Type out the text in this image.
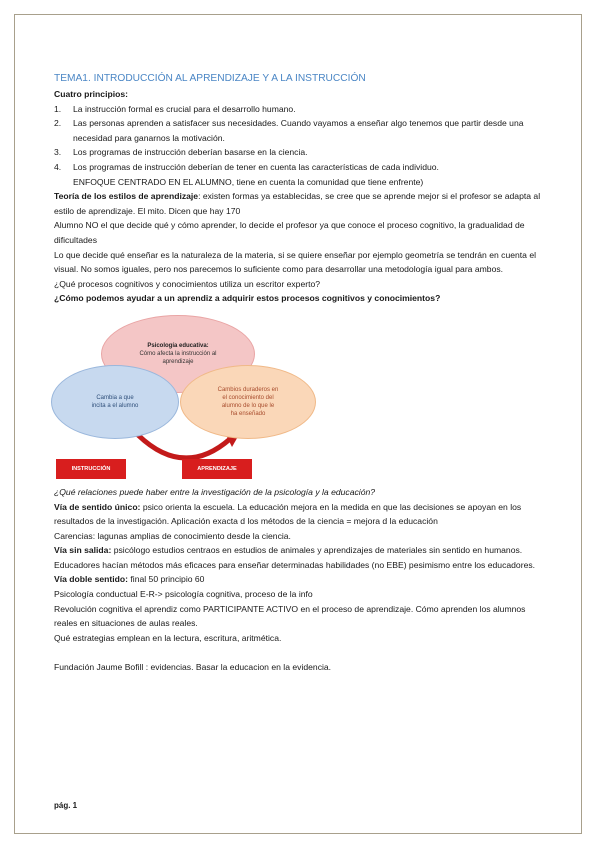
TEMA1. INTRODUCCIÓN AL APRENDIZAJE Y A LA INSTRUCCIÓN
Cuatro principios:
1. La instrucción formal es crucial para el desarrollo humano.
2. Las personas aprenden a satisfacer sus necesidades. Cuando vayamos a enseñar algo tenemos que partir desde una necesidad para ganarnos la motivación.
3. Los programas de instrucción deberían basarse en la ciencia.
4. Los programas de instrucción deberían de tener en cuenta las características de cada individuo.
ENFOQUE CENTRADO EN EL ALUMNO, tiene en cuenta la comunidad que tiene enfrente)

Teoría de los estilos de aprendizaje: existen formas ya establecidas, se cree que se aprende mejor si el profesor se adapta al estilo de aprendizaje. El mito. Dicen que hay 170

Alumno NO el que decide qué y cómo aprender, lo decide el profesor ya que conoce el proceso cognitivo, la gradualidad de dificultades

Lo que decide qué enseñar es la naturaleza de la materia, si se quiere enseñar por ejemplo geometría se tendrán en cuenta el visual. No somos iguales, pero nos parecemos lo suficiente como para desarrollar una metodología igual para ambos.

¿Qué procesos cognitivos y conocimientos utiliza un escritor experto?

¿Cómo podemos ayudar a un aprendiz a adquirir estos procesos cognitivos y conocimientos?

Psicología educativa:
Cómo afecta la instrucción al
aprendizaje
Cambia a que
incita a el alumno
Cambios duraderos en
el conocimiento del
alumno de lo que le
ha enseñado
INSTRUCCIÓN	APRENDIZAJE

¿Qué relaciones puede haber entre la investigación de la psicología y la educación?

Vía de sentido único: psico orienta la escuela. La educación mejora en la medida en que las decisiones se apoyan en los resultados de la investigación. Aplicación exacta d los métodos de la ciencia = mejora d la educación

Carencias: lagunas amplias de conocimiento desde la ciencia.

Vía sin salida: psicólogo estudios centraos en estudios de animales y aprendizajes de materiales sin sentido en humanos. Educadores hacían métodos más eficaces para enseñar determinadas habilidades (no EBE) pesimismo entre los educadores.

Vía doble sentido: final 50 principio 60

Psicología conductual E-R-> psicología cognitiva, proceso de la info

Revolución cognitiva el aprendiz como PARTICIPANTE ACTIVO en el proceso de aprendizaje. Cómo aprenden los alumnos reales en situaciones de aulas reales.

Qué estrategias emplean en la lectura, escritura, aritmética.

Fundación Jaume Bofill : evidencias. Basar la educacion en la evidencia.

pág. 1
